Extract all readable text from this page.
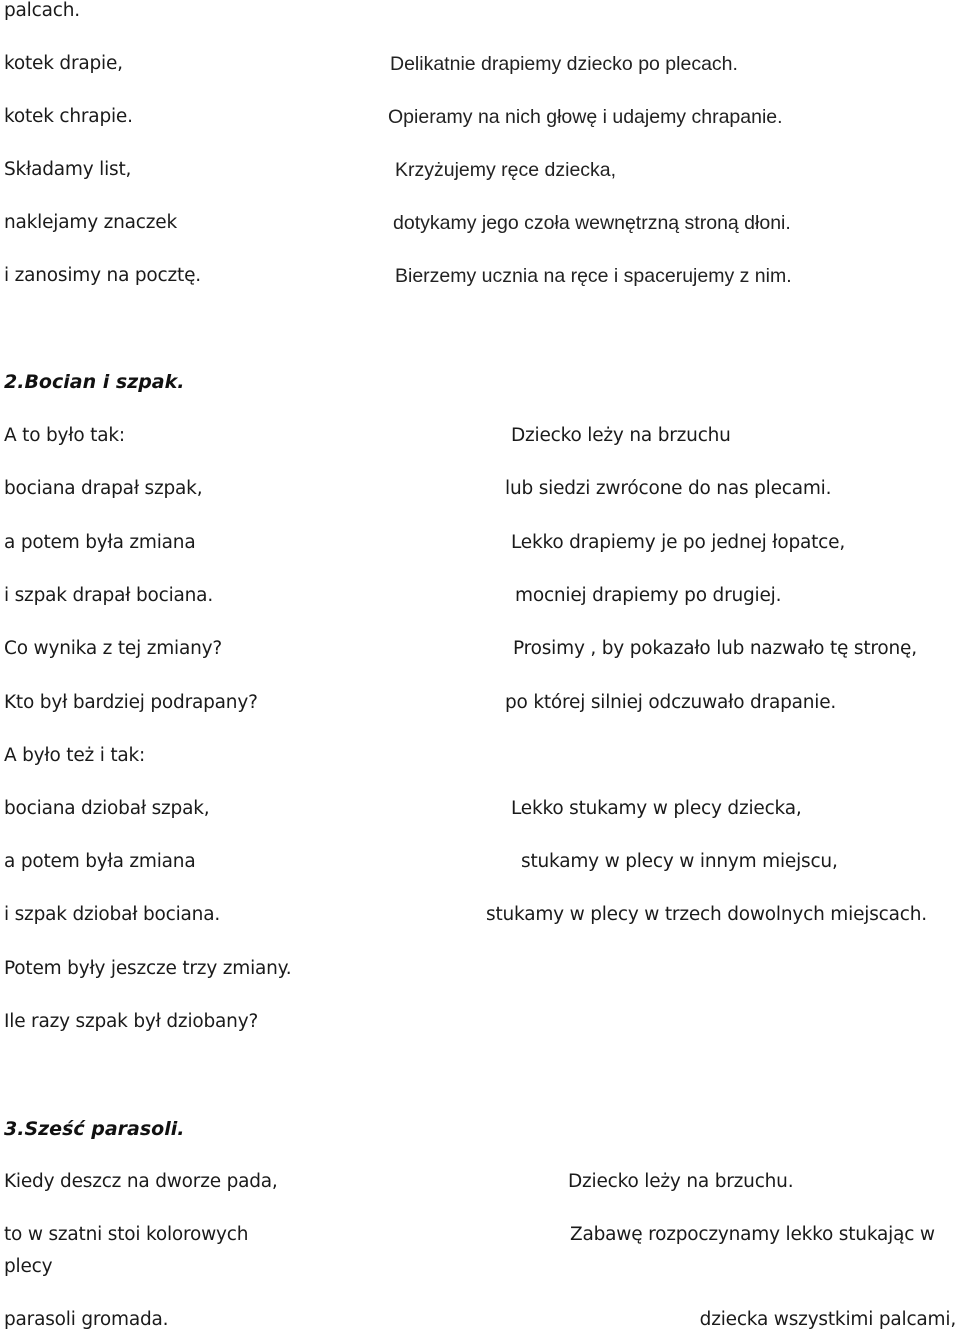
palcach.
kotek drapie,
kotek chrapie.
Składamy list,
naklejamy znaczek
i zanosimy na pocztę.
Delikatnie drapiemy dziecko po plecach.
Opieramy na nich głowę i udajemy chrapanie.
Krzyżujemy ręce dziecka,
dotykamy jego czoła wewnętrzną stroną dłoni.
Bierzemy ucznia na ręce i spacerujemy z nim.
2.Bocian i szpak.
A to było tak:
bociana drapał szpak,
a potem była zmiana
i szpak drapał bociana.
Co wynika z tej zmiany?
Kto był bardziej podrapany?
Dziecko leży na brzuchu
lub siedzi zwrócone do nas plecami.
Lekko drapiemy je po jednej łopatce,
mocniej drapiemy po drugiej.
Prosimy , by pokazało lub nazwało tę stronę,
po której silniej odczuwało drapanie.
A było też i tak:
bociana dziobał szpak,
a potem była zmiana
i szpak dziobał bociana.
Potem były jeszcze trzy zmiany.
Ile razy szpak był dziobany?
Lekko stukamy w plecy dziecka,
stukamy w plecy w innym miejscu,
stukamy w plecy w trzech dowolnych miejscach.
3.Sześć parasoli.
Kiedy deszcz na dworze pada,
to w szatni stoi kolorowych
plecy
parasoli gromada.
Dziecko leży na brzuchu.
Zabawę rozpoczynamy lekko stukając w
dziecka wszystkimi palcami,
